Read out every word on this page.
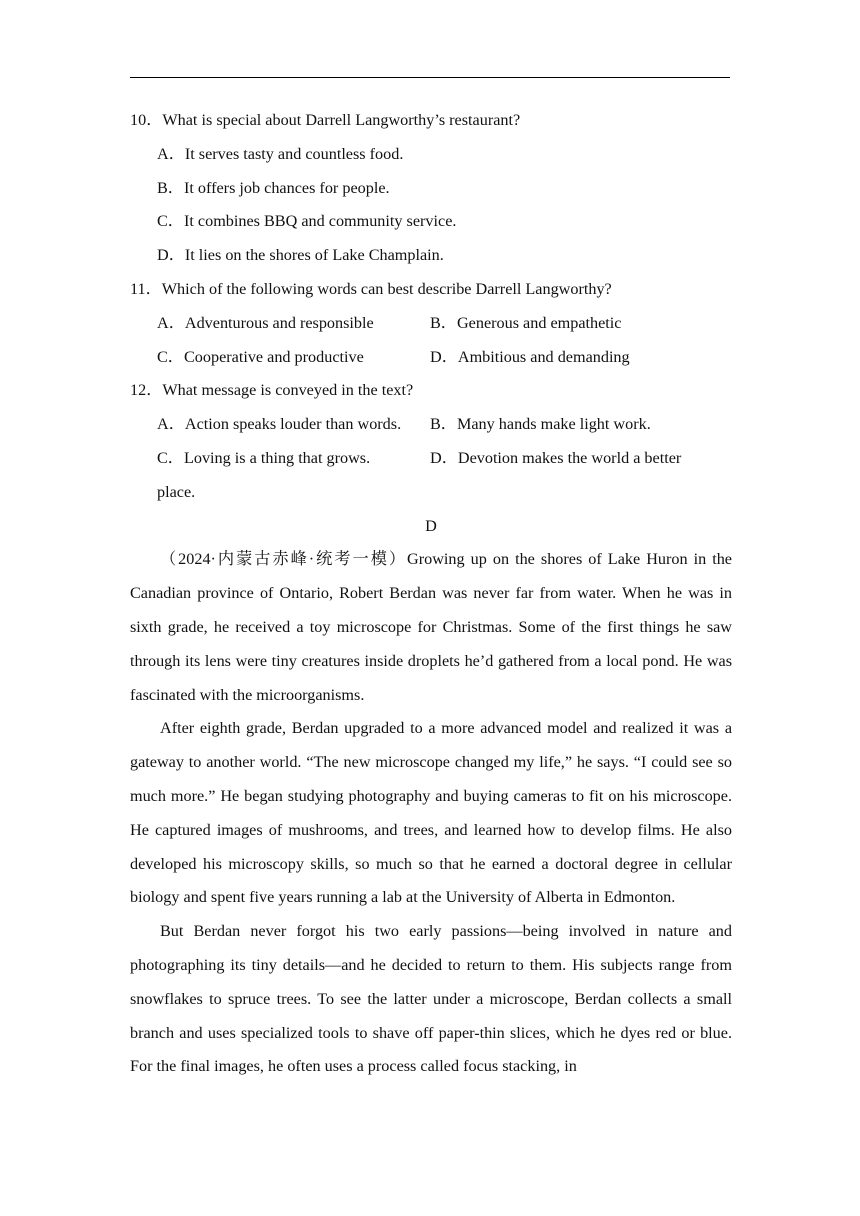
10．What is special about Darrell Langworthy’s restaurant?
A．It serves tasty and countless food.
B．It offers job chances for people.
C．It combines BBQ and community service.
D．It lies on the shores of Lake Champlain.
11．Which of the following words can best describe Darrell Langworthy?
A．Adventurous and responsible	B．Generous and empathetic
C．Cooperative and productive	D．Ambitious and demanding
12．What message is conveyed in the text?
A．Action speaks louder than words.	B．Many hands make light work.
C．Loving is a thing that grows.	D．Devotion makes the world a better
place.
D
（2024·内蒙古赤峰·统考一模）Growing up on the shores of Lake Huron in the Canadian province of Ontario, Robert Berdan was never far from water. When he was in sixth grade, he received a toy microscope for Christmas. Some of the first things he saw through its lens were tiny creatures inside droplets he’d gathered from a local pond. He was fascinated with the microorganisms.
After eighth grade, Berdan upgraded to a more advanced model and realized it was a gateway to another world. “The new microscope changed my life,” he says. “I could see so much more.” He began studying photography and buying cameras to fit on his microscope. He captured images of mushrooms, and trees, and learned how to develop films. He also developed his microscopy skills, so much so that he earned a doctoral degree in cellular biology and spent five years running a lab at the University of Alberta in Edmonton.
But Berdan never forgot his two early passions—being involved in nature and photographing its tiny details—and he decided to return to them. His subjects range from snowflakes to spruce trees. To see the latter under a microscope, Berdan collects a small branch and uses specialized tools to shave off paper-thin slices, which he dyes red or blue. For the final images, he often uses a process called focus stacking, in
